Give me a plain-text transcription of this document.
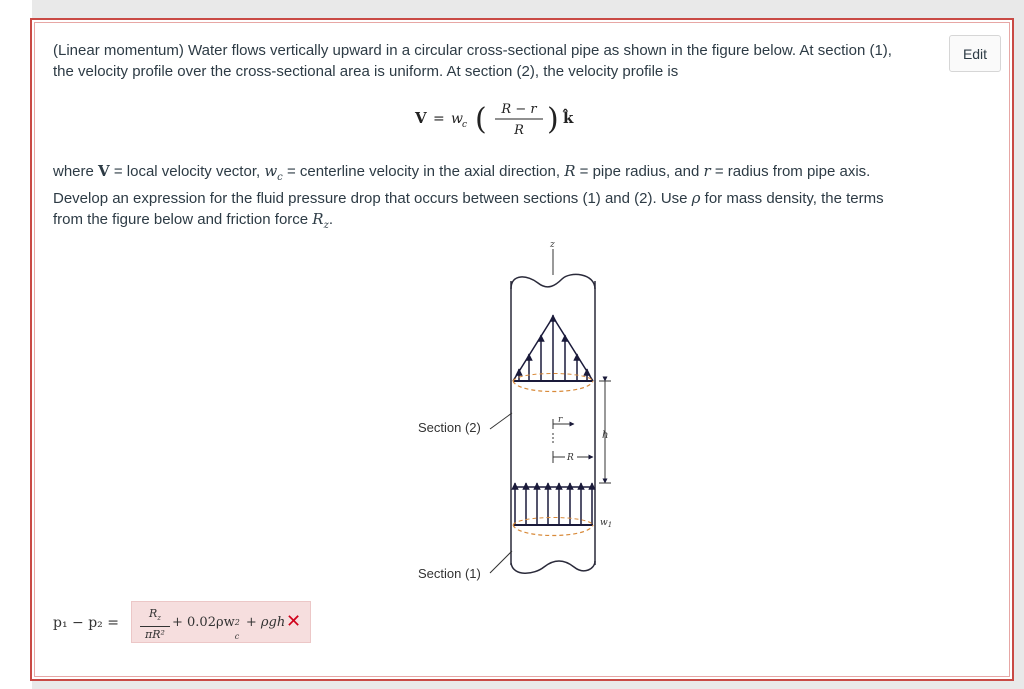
(Linear momentum) Water flows vertically upward in a circular cross-sectional pipe as shown in the figure below. At section (1), the velocity profile over the cross-sectional area is uniform. At section (2), the velocity profile is

Edit
V = w c ( R − r
R ) k̂

where V = local velocity vector, $w_c$ = centerline velocity in the axial direction, R = pipe radius, and r = radius from pipe axis. Develop an expression for the fluid pressure drop that occurs between sections (1) and (2). Use ρ for mass density, the terms from the figure below and friction force $R_z$.

z
r
R
h
$w_1$
Section (2)
Section (1)
$p_1 - p_2 = \frac{R_z}{\text{πR²}} + 0.02\rho w$ 2
c
+ ρgh ✕
